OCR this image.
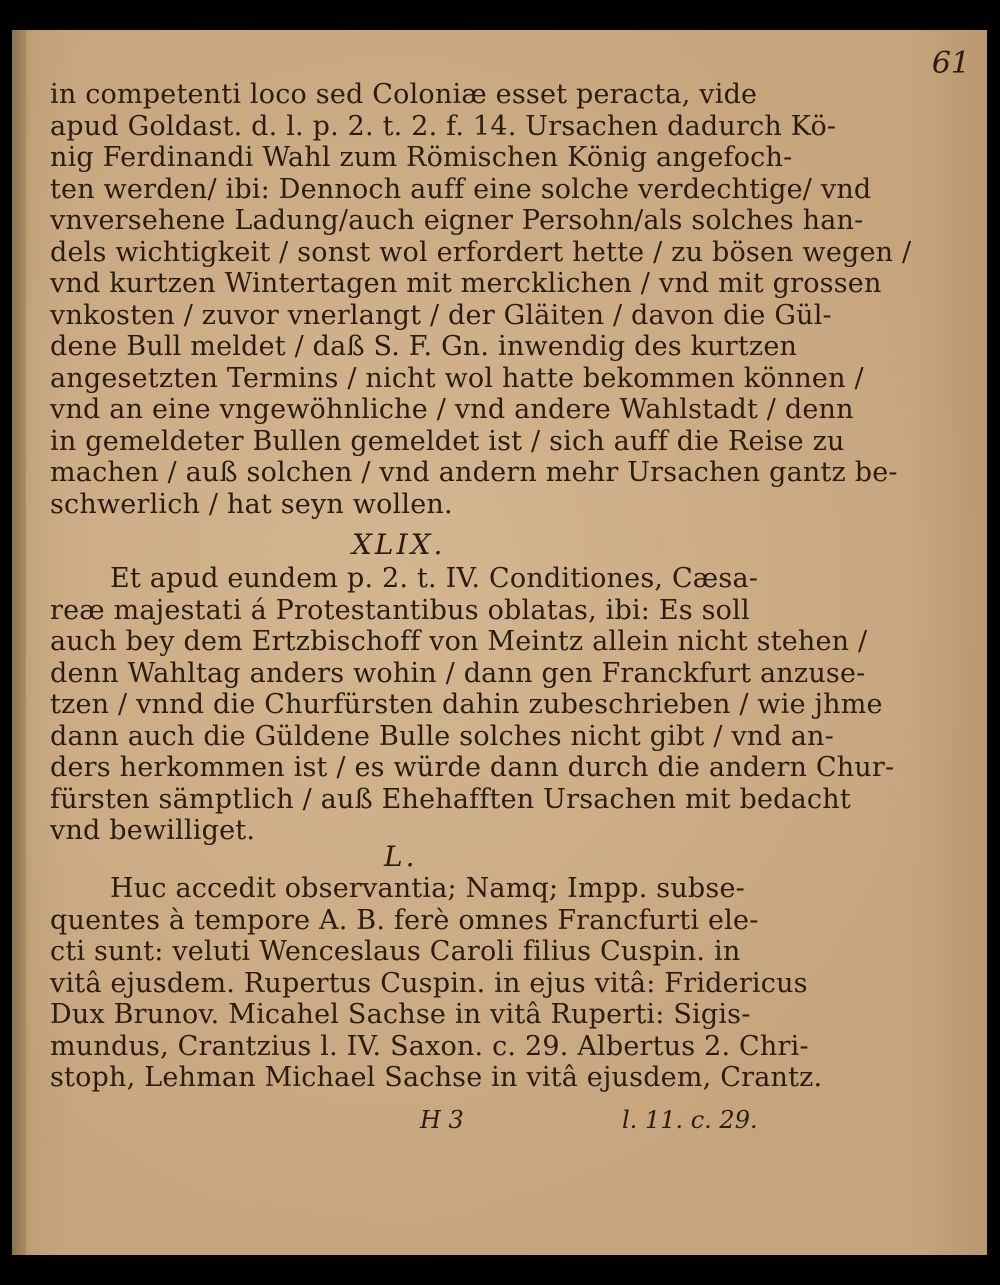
61
in competenti loco sed Coloniæ esset peracta, vide
apud Goldast. d. l. p. 2. t. 2. f. 14. Ursachen dadurch Kö-
nig Ferdinandi Wahl zum Römischen König angefoch-
ten werden/ ibi: Dennoch auff eine solche verdechtige/ vnd
vnversehene Ladung/auch eigner Persohn/als solches han-
dels wichtigkeit / sonst wol erfordert hette / zu bösen wegen /
vnd kurtzen Wintertagen mit mercklichen / vnd mit grossen
vnkosten / zuvor vnerlangt / der Gläiten / davon die Gül-
dene Bull meldet / daß S. F. Gn. inwendig des kurtzen
angesetzten Termins / nicht wol hatte bekommen können /
vnd an eine vngewöhnliche / vnd andere Wahlstadt / denn
in gemeldeter Bullen gemeldet ist / sich auff die Reise zu
machen / auß solchen / vnd andern mehr Ursachen gantz be-
schwerlich / hat seyn wollen.
XLIX.
Et apud eundem p. 2. t. IV. Conditiones, Cæsa-
reæ majestati á Protestantibus oblatas, ibi: Es soll
auch bey dem Ertzbischoff von Meintz allein nicht stehen /
denn Wahltag anders wohin / dann gen Franckfurt anzuse-
tzen / vnnd die Churfürsten dahin zubeschrieben / wie jhme
dann auch die Güldene Bulle solches nicht gibt / vnd an-
ders herkommen ist / es würde dann durch die andern Chur-
fürsten sämptlich / auß Ehehafften Ursachen mit bedacht
vnd bewilliget.
L.
Huc accedit observantia; Namq; Impp. subse-
quentes à tempore A. B. ferè omnes Francfurti ele-
cti sunt: veluti Wenceslaus Caroli filius Cuspin. in
vitâ ejusdem. Rupertus Cuspin. in ejus vitâ: Fridericus
Dux Brunov. Micahel Sachse in vitâ Ruperti: Sigis-
mundus, Crantzius l. IV. Saxon. c. 29. Albertus 2. Chri-
stoph, Lehman Michael Sachse in vitâ ejusdem, Crantz.
H 3	l. 11. c. 29.
